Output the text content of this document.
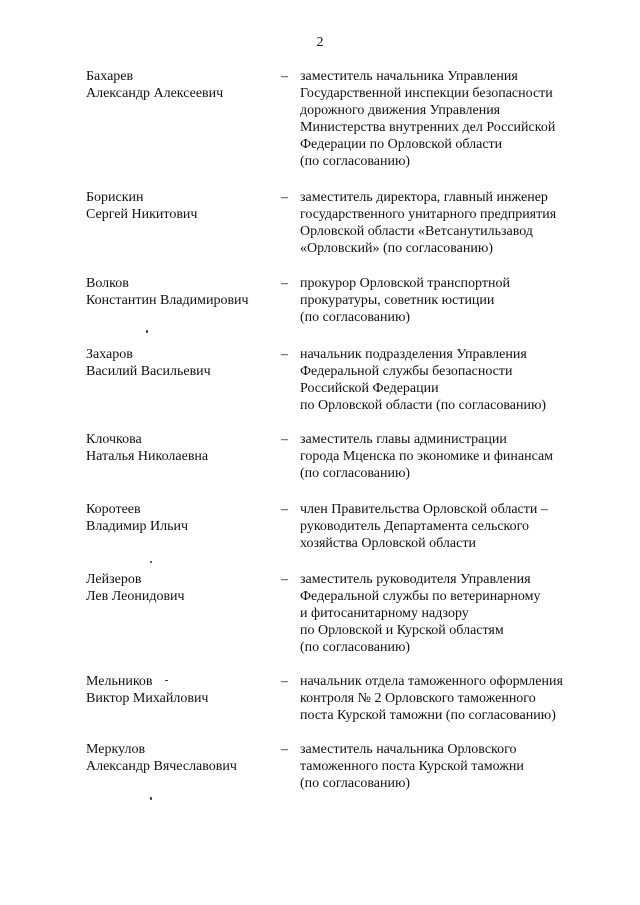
2
Бахарев
Александр Алексеевич
– заместитель начальника Управления
Государственной инспекции безопасности
дорожного движения Управления
Министерства внутренних дел Российской
Федерации по Орловской области
(по согласованию)
Борискин
Сергей Никитович
– заместитель директора, главный инженер
государственного унитарного предприятия
Орловской области «Ветсанутильзавод
«Орловский» (по согласованию)
Волков
Константин Владимирович
– прокурор Орловской транспортной
прокуратуры, советник юстиции
(по согласованию)
Захаров
Василий Васильевич
– начальник подразделения Управления
Федеральной службы безопасности
Российской Федерации
по Орловской области (по согласованию)
Клочкова
Наталья Николаевна
– заместитель главы администрации
города Мценска по экономике и финансам
(по согласованию)
Коротеев
Владимир Ильич
– член Правительства Орловской области –
руководитель Департамента сельского
хозяйства Орловской области
Лейзеров
Лев Леонидович
– заместитель руководителя Управления
Федеральной службы по ветеринарному
и фитосанитарному надзору
по Орловской и Курской областям
(по согласованию)
Мельников
Виктор Михайлович
– начальник отдела таможенного оформления
контроля № 2 Орловского таможенного
поста Курской таможни (по согласованию)
Меркулов
Александр Вячеславович
– заместитель начальника Орловского
таможенного поста Курской таможни
(по согласованию)
